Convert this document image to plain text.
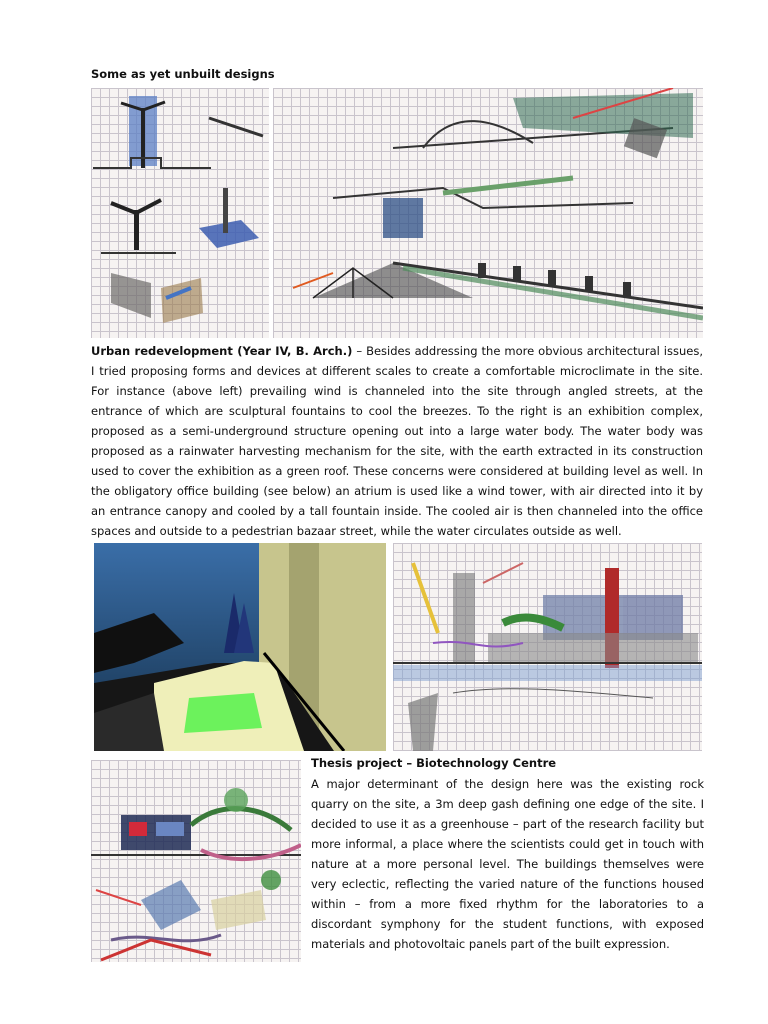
Some as yet unbuilt designs
Urban redevelopment (Year IV, B. Arch.) – Besides addressing the more obvious architectural issues, I tried proposing forms and devices at different scales to create a comfortable microclimate in the site. For instance (above left) prevailing wind is channeled into the site through angled streets, at the entrance of which are sculptural fountains to cool the breezes. To the right is an exhibition complex, proposed as a semi-underground structure opening out into a large water body. The water body was proposed as a rainwater harvesting mechanism for the site, with the earth extracted in its construction used to cover the exhibition as a green roof. These concerns were considered at building level as well. In the obligatory office building (see below) an atrium is used like a wind tower, with air directed into it by an entrance canopy and cooled by a tall fountain inside. The cooled air is then channeled into the office spaces and outside to a pedestrian bazaar street, while the water circulates outside as well.
Thesis project – Biotechnology Centre
A major determinant of the design here was the existing rock quarry on the site, a 3m deep gash defining one edge of the site. I decided to use it as a greenhouse – part of the research facility but more informal, a place where the scientists could get in touch with nature at a more personal level. The buildings themselves were very eclectic, reflecting the varied nature of the functions housed within – from a more fixed rhythm for the laboratories to a discordant symphony for the student functions, with exposed materials and photovoltaic panels part of the built expression.
